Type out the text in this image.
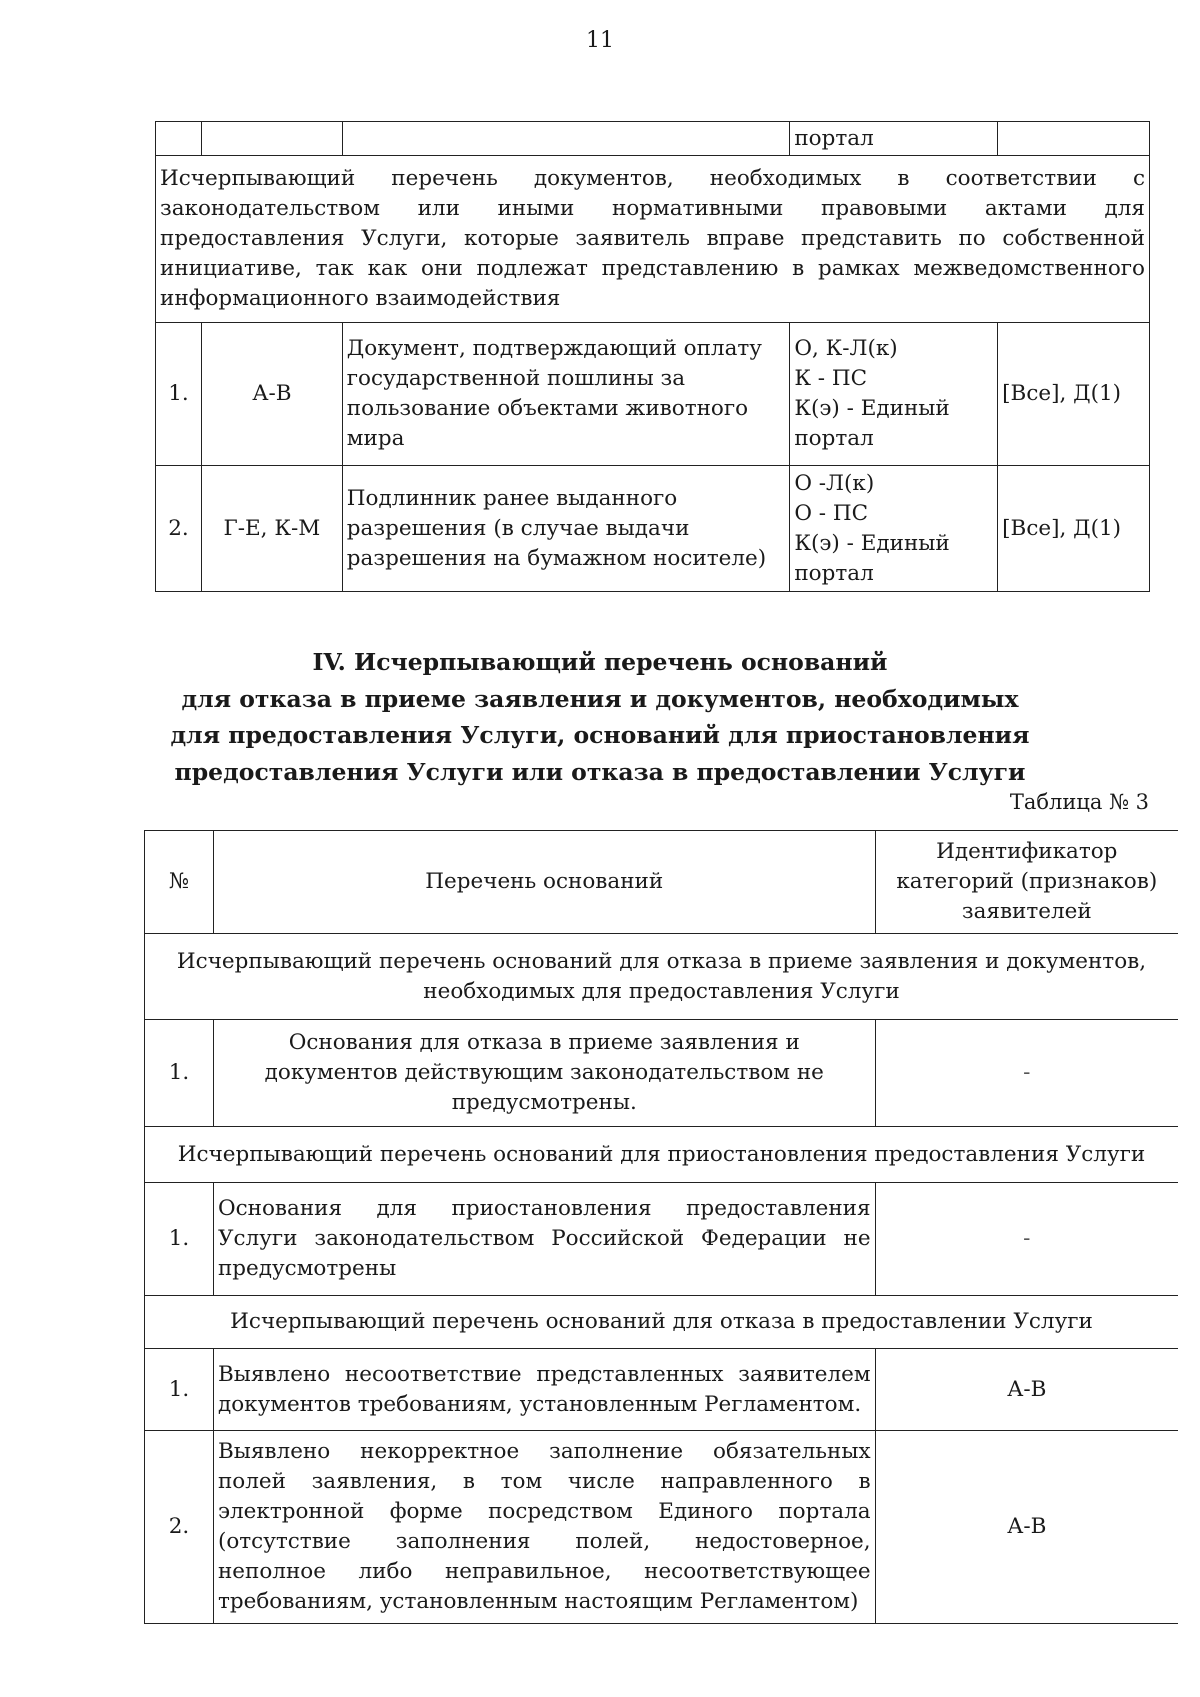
11
			портал	
Исчерпывающий перечень документов, необходимых в соответствии с законодательством или иными нормативными правовыми актами для предоставления Услуги, которые заявитель вправе представить по собственной инициативе, так как они подлежат представлению в рамках межведомственного информационного взаимодействия				
1.	А-В	Документ, подтверждающий оплату государственной пошлины за пользование объектами животного мира	О, К-Л(к)
К - ПС
К(э) - Единый портал	[Все], Д(1)
2.	Г-Е, К-М	Подлинник ранее выданного разрешения (в случае выдачи разрешения на бумажном носителе)	О -Л(к)
О - ПС
К(э) - Единый портал	[Все], Д(1)
IV. Исчерпывающий перечень оснований
для отказа в приеме заявления и документов, необходимых
для предоставления Услуги, оснований для приостановления
предоставления Услуги или отказа в предоставлении Услуги
Таблица № 3
№	Перечень оснований	Идентификатор категорий (признаков) заявителей
Исчерпывающий перечень оснований для отказа в приеме заявления и документов, необходимых для предоставления Услуги		
1.	Основания для отказа в приеме заявления и документов действующим законодательством не предусмотрены.	-
Исчерпывающий перечень оснований для приостановления предоставления Услуги		
1.	Основания для приостановления предоставления Услуги законодательством Российской Федерации не предусмотрены	-
Исчерпывающий перечень оснований для отказа в предоставлении Услуги		
1.	Выявлено несоответствие представленных заявителем документов требованиям, установленным Регламентом.	А-В
2.	Выявлено некорректное заполнение обязательных полей заявления, в том числе направленного в электронной форме посредством Единого портала (отсутствие заполнения полей, недостоверное, неполное либо неправильное, несоответствующее требованиям, установленным настоящим Регламентом)	А-В
